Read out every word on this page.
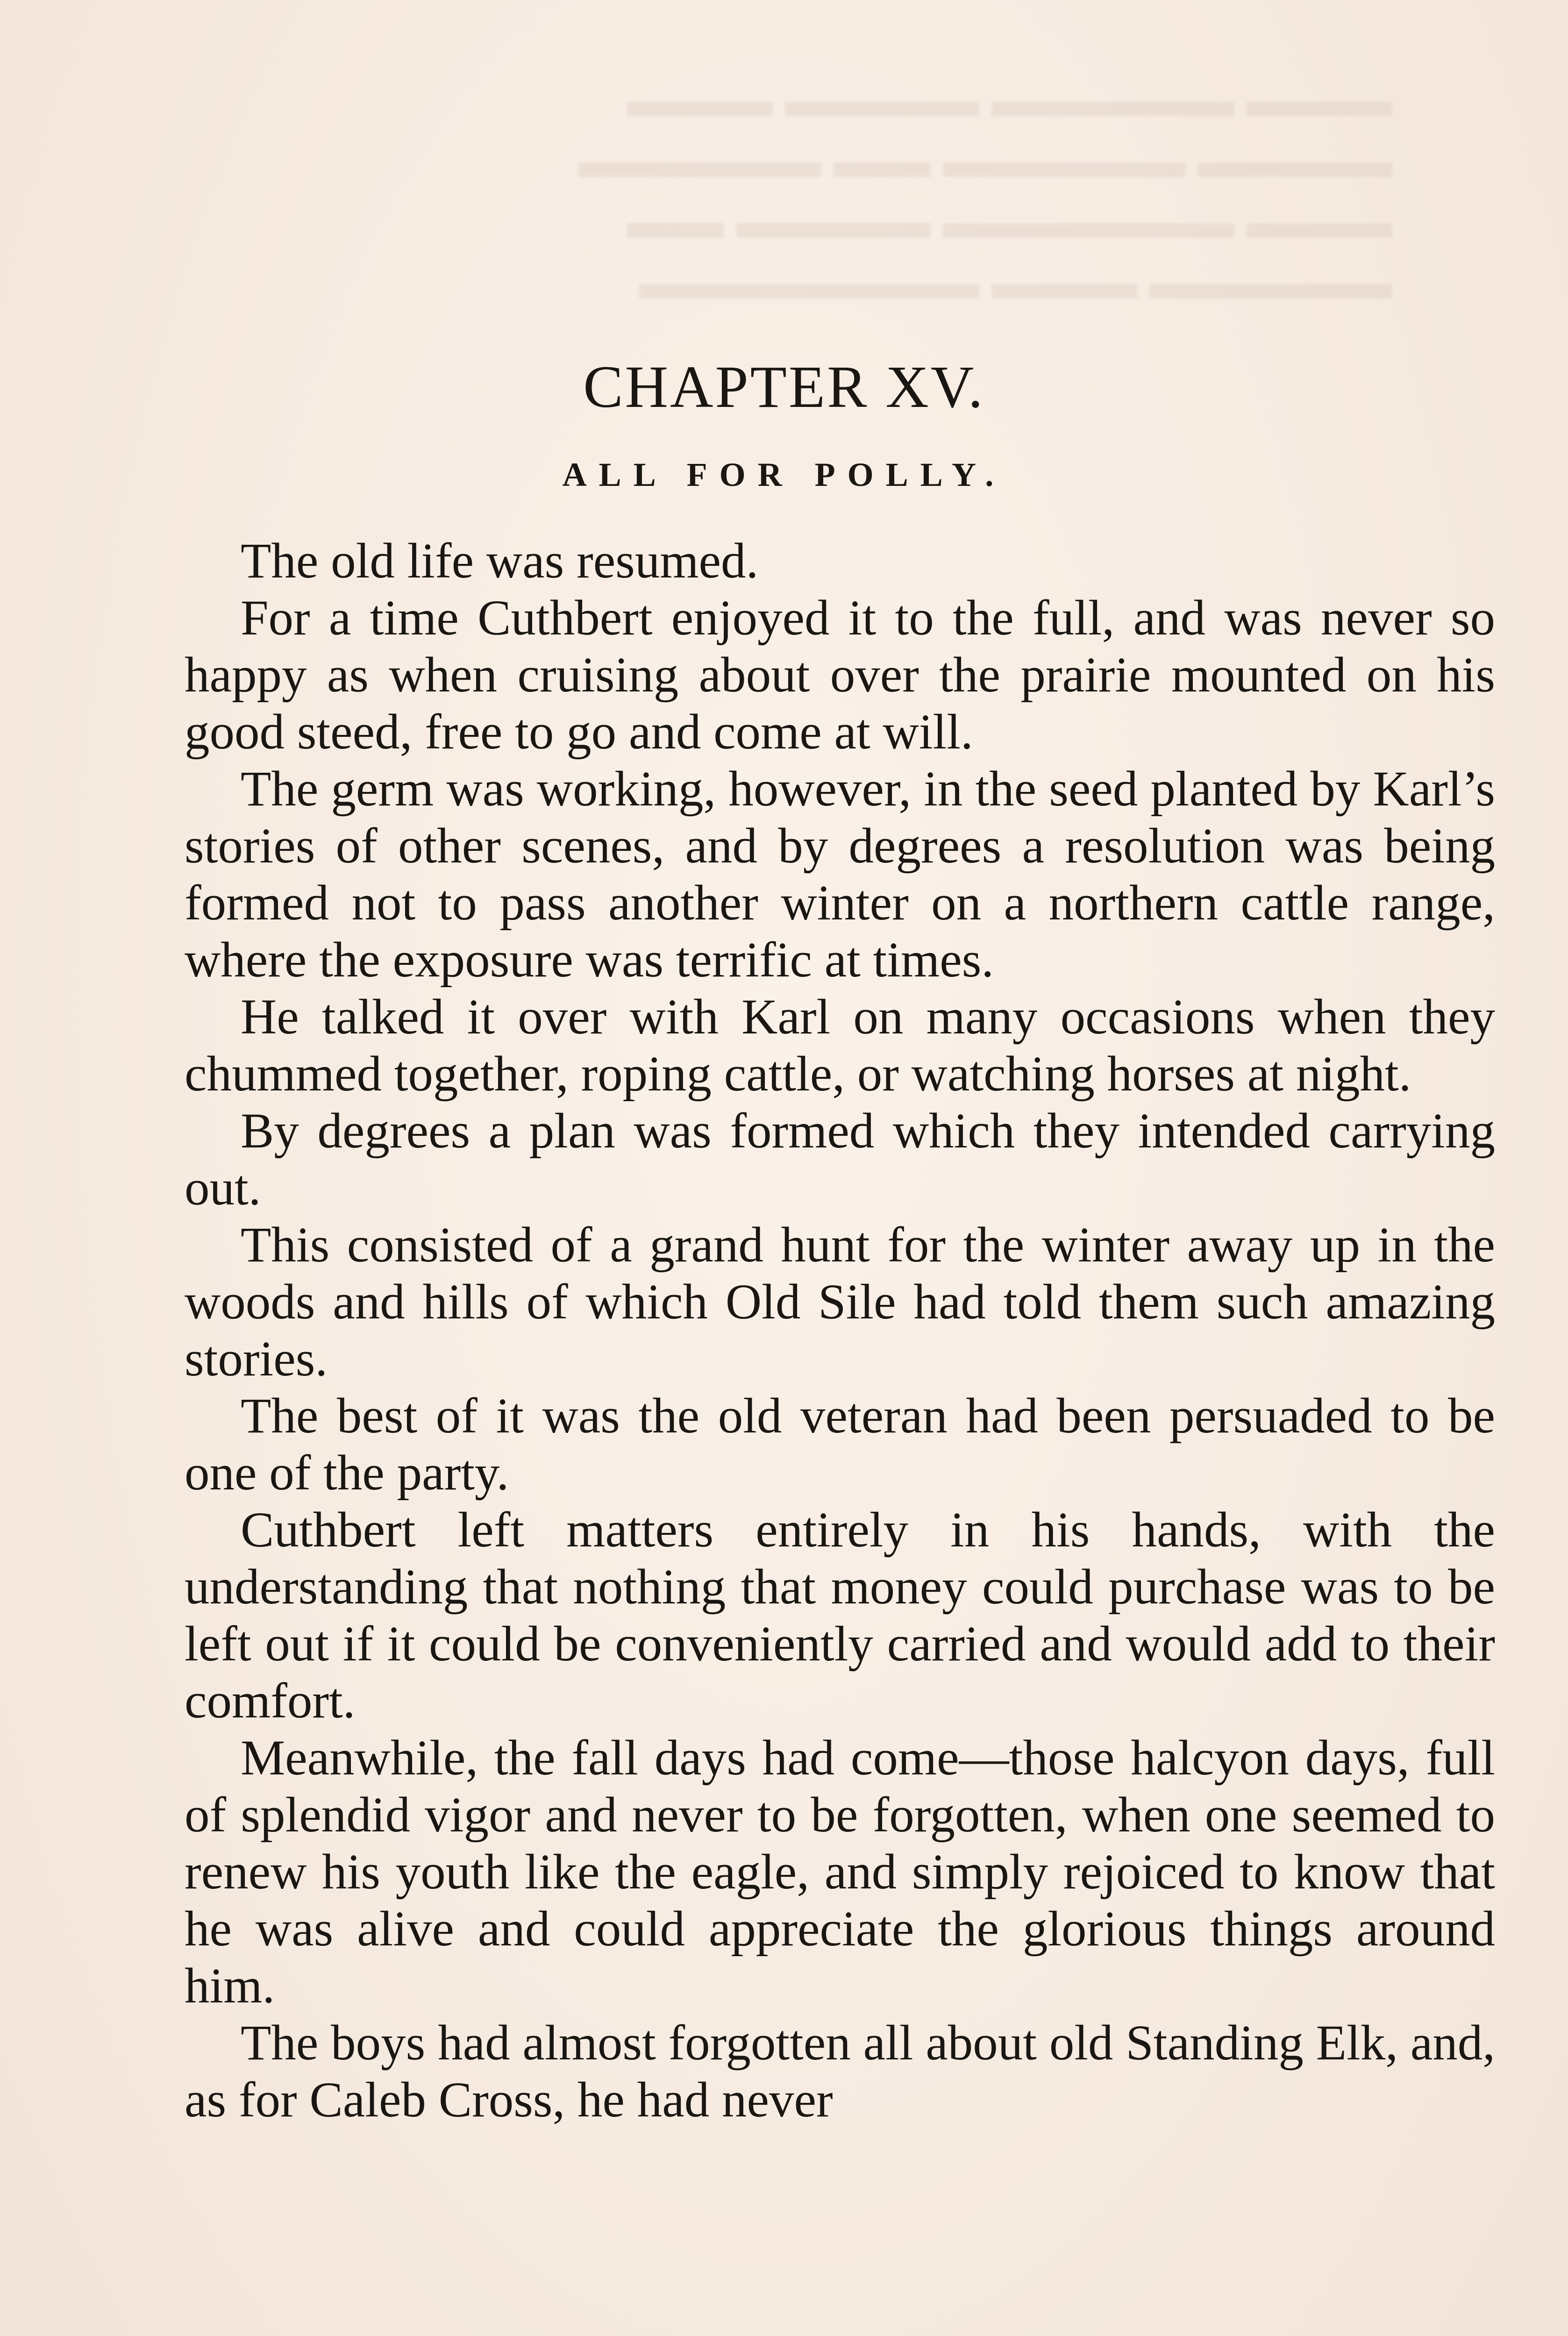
▬▬▬ ▬▬▬▬▬ ▬▬▬▬ ▬▬▬
▬▬▬▬ ▬▬▬▬▬ ▬▬ ▬▬▬▬▬
▬▬▬ ▬▬▬▬▬▬ ▬▬▬▬ ▬▬
▬▬▬▬▬ ▬▬▬ ▬▬▬▬▬▬▬
CHAPTER XV.
ALL FOR POLLY.

The old life was resumed.

For a time Cuthbert enjoyed it to the full, and was never so happy as when cruising about over the prairie mounted on his good steed, free to go and come at will.

The germ was working, however, in the seed planted by Karl’s stories of other scenes, and by degrees a resolution was being formed not to pass another winter on a northern cattle range, where the exposure was terrific at times.

He talked it over with Karl on many occasions when they chummed together, roping cattle, or watching horses at night.

By degrees a plan was formed which they intended carrying out.

This consisted of a grand hunt for the winter away up in the woods and hills of which Old Sile had told them such amazing stories.

The best of it was the old veteran had been persuaded to be one of the party.

Cuthbert left matters entirely in his hands, with the understanding that nothing that money could purchase was to be left out if it could be conveniently carried and would add to their comfort.

Meanwhile, the fall days had come—those halcyon days, full of splendid vigor and never to be forgotten, when one seemed to renew his youth like the eagle, and simply rejoiced to know that he was alive and could appreciate the glorious things around him.

The boys had almost forgotten all about old Standing Elk, and, as for Caleb Cross, he had never
